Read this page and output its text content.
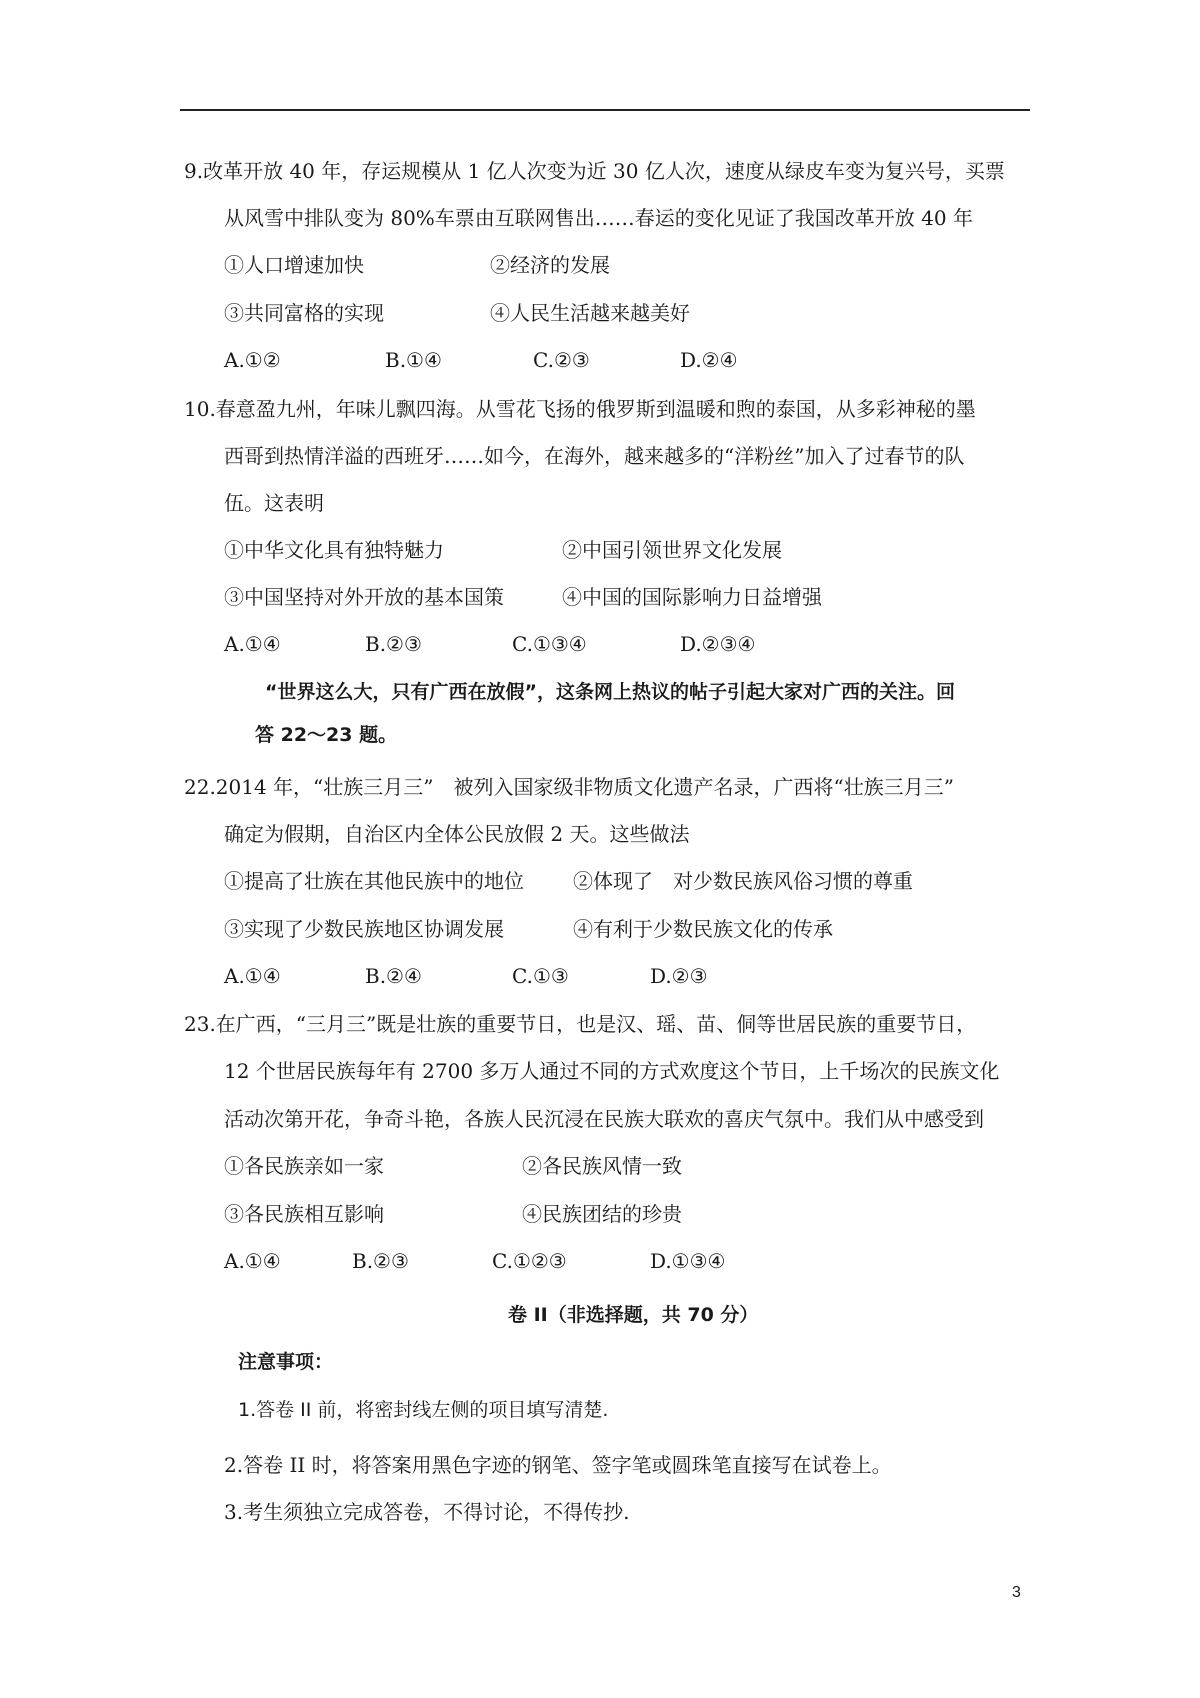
9.改革开放 40 年，存运规模从 1 亿人次变为近 30 亿人次，速度从绿皮车变为复兴号，买票
从风雪中排队变为 80%车票由互联网售出……春运的变化见证了我国改革开放 40 年
①人口增速加快	②经济的发展
③共同富格的实现	④人民生活越来越美好
A.①②	B.①④	C.②③	D.②④
10.春意盈九州，年味儿飘四海。从雪花飞扬的俄罗斯到温暖和煦的泰国，从多彩神秘的墨
西哥到热情洋溢的西班牙……如今，在海外，越来越多的“洋粉丝”加入了过春节的队
伍。这表明
①中华文化具有独特魅力	②中国引领世界文化发展
③中国坚持对外开放的基本国策	④中国的国际影响力日益增强
A.①④	B.②③	C.①③④	D.②③④
“世界这么大，只有广西在放假”，这条网上热议的帖子引起大家对广西的关注。回
答 22～23 题。
22.2014 年，“壮族三月三”　被列入国家级非物质文化遗产名录，广西将“壮族三月三”
确定为假期，自治区内全体公民放假 2 天。这些做法
①提高了壮族在其他民族中的地位 ②体现了　对少数民族风俗习惯的尊重
③实现了少数民族地区协调发展	④有利于少数民族文化的传承
A.①④	B.②④	C.①③	D.②③
23.在广西，“三月三”既是壮族的重要节日，也是汉、瑶、苗、侗等世居民族的重要节日，
12 个世居民族每年有 2700 多万人通过不同的方式欢度这个节日，上千场次的民族文化
活动次第开花，争奇斗艳，各族人民沉浸在民族大联欢的喜庆气氛中。我们从中感受到
①各民族亲如一家	②各民族风情一致
③各民族相互影响	④民族团结的珍贵
A.①④	B.②③	C.①②③	D.①③④
卷 II（非选择题，共 70 分）
注意事项：
1.答卷 II 前，将密封线左侧的项目填写清楚.
2.答卷 II 时，将答案用黑色字迹的钢笔、签字笔或圆珠笔直接写在试卷上。
3.考生须独立完成答卷，不得讨论，不得传抄.
3
